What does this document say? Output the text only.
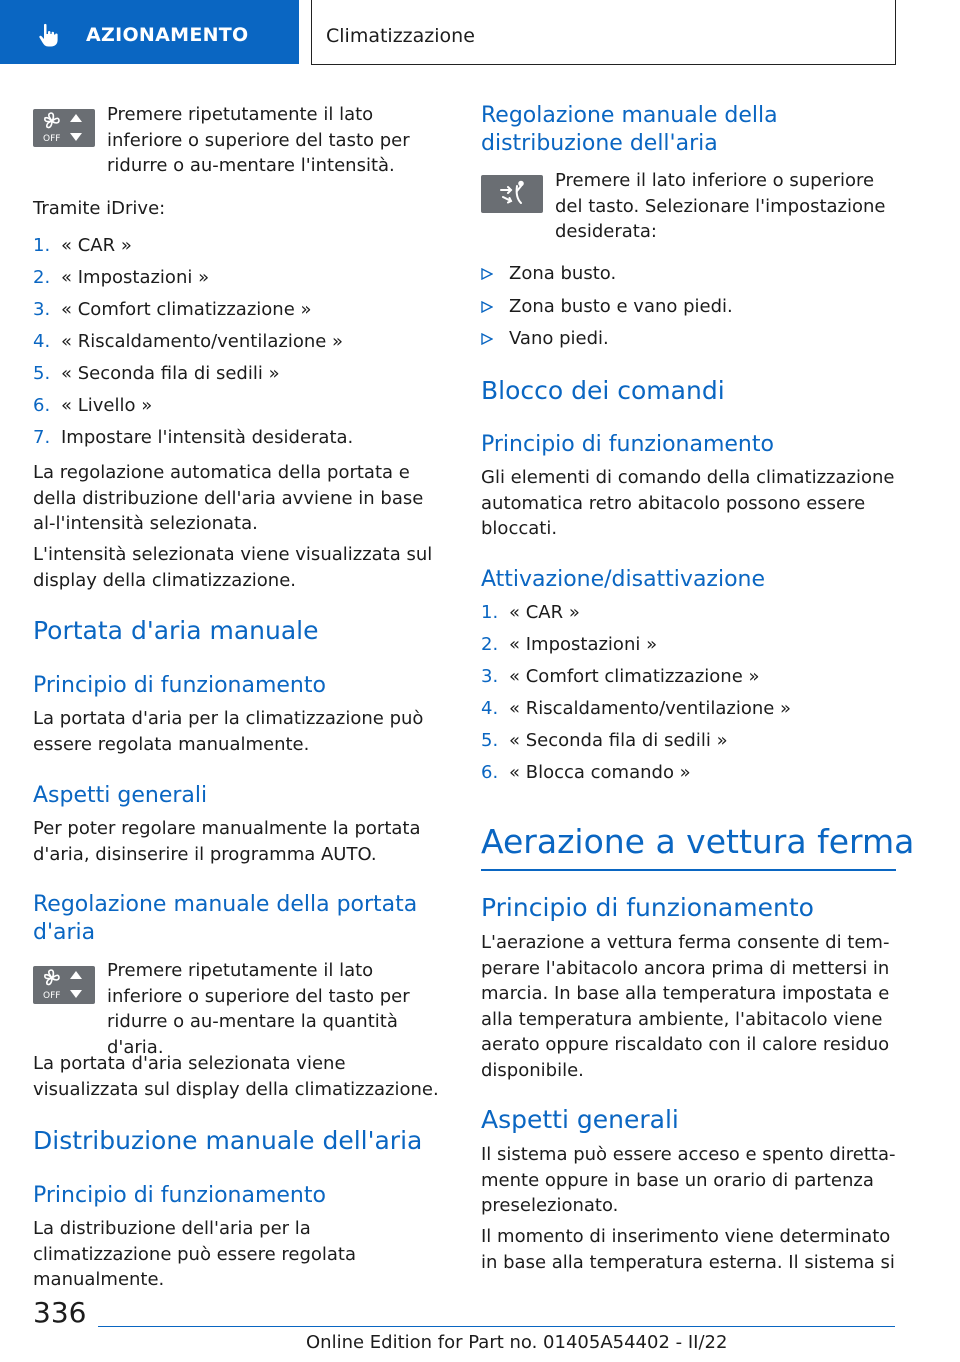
AZIONAMENTO	Climatizzazione
OFF
Premere ripetutamente il lato inferiore o superiore del tasto per ridurre o au-mentare l'intensità.
Tramite iDrive:
1. « CAR »
2. « Impostazioni »
3. « Comfort climatizzazione »
4. « Riscaldamento/ventilazione »
5. « Seconda fila di sedili »
6. « Livello »
7. Impostare l'intensità desiderata.
La regolazione automatica della portata e della distribuzione dell'aria avviene in base al-l'intensità selezionata.
L'intensità selezionata viene visualizzata sul display della climatizzazione.
Portata d'aria manuale
Principio di funzionamento
La portata d'aria per la climatizzazione può essere regolata manualmente.
Aspetti generali
Per poter regolare manualmente la portata d'aria, disinserire il programma AUTO.
Regolazione manuale della portata d'aria
OFF
Premere ripetutamente il lato inferiore o superiore del tasto per ridurre o au-mentare la quantità d'aria.
La portata d'aria selezionata viene visualizzata sul display della climatizzazione.
Distribuzione manuale dell'aria
Principio di funzionamento
La distribuzione dell'aria per la climatizzazione può essere regolata manualmente.
Regolazione manuale della distribuzione dell'aria
Premere il lato inferiore o superiore del tasto. Selezionare l'impostazione desiderata:
Zona busto.
Zona busto e vano piedi.
Vano piedi.
Blocco dei comandi
Principio di funzionamento
Gli elementi di comando della climatizzazione automatica retro abitacolo possono essere bloccati.
Attivazione/disattivazione
1. « CAR »
2. « Impostazioni »
3. « Comfort climatizzazione »
4. « Riscaldamento/ventilazione »
5. « Seconda fila di sedili »
6. « Blocca comando »
Aerazione a vettura ferma
Principio di funzionamento
L'aerazione a vettura ferma consente di tem-perare l'abitacolo ancora prima di mettersi in marcia. In base alla temperatura impostata e alla temperatura ambiente, l'abitacolo viene aerato oppure riscaldato con il calore residuo disponibile.
Aspetti generali
Il sistema può essere acceso e spento diretta-mente oppure in base un orario di partenza preselezionato.
Il momento di inserimento viene determinato in base alla temperatura esterna. Il sistema si
336
Online Edition for Part no. 01405A54402 - II/22
